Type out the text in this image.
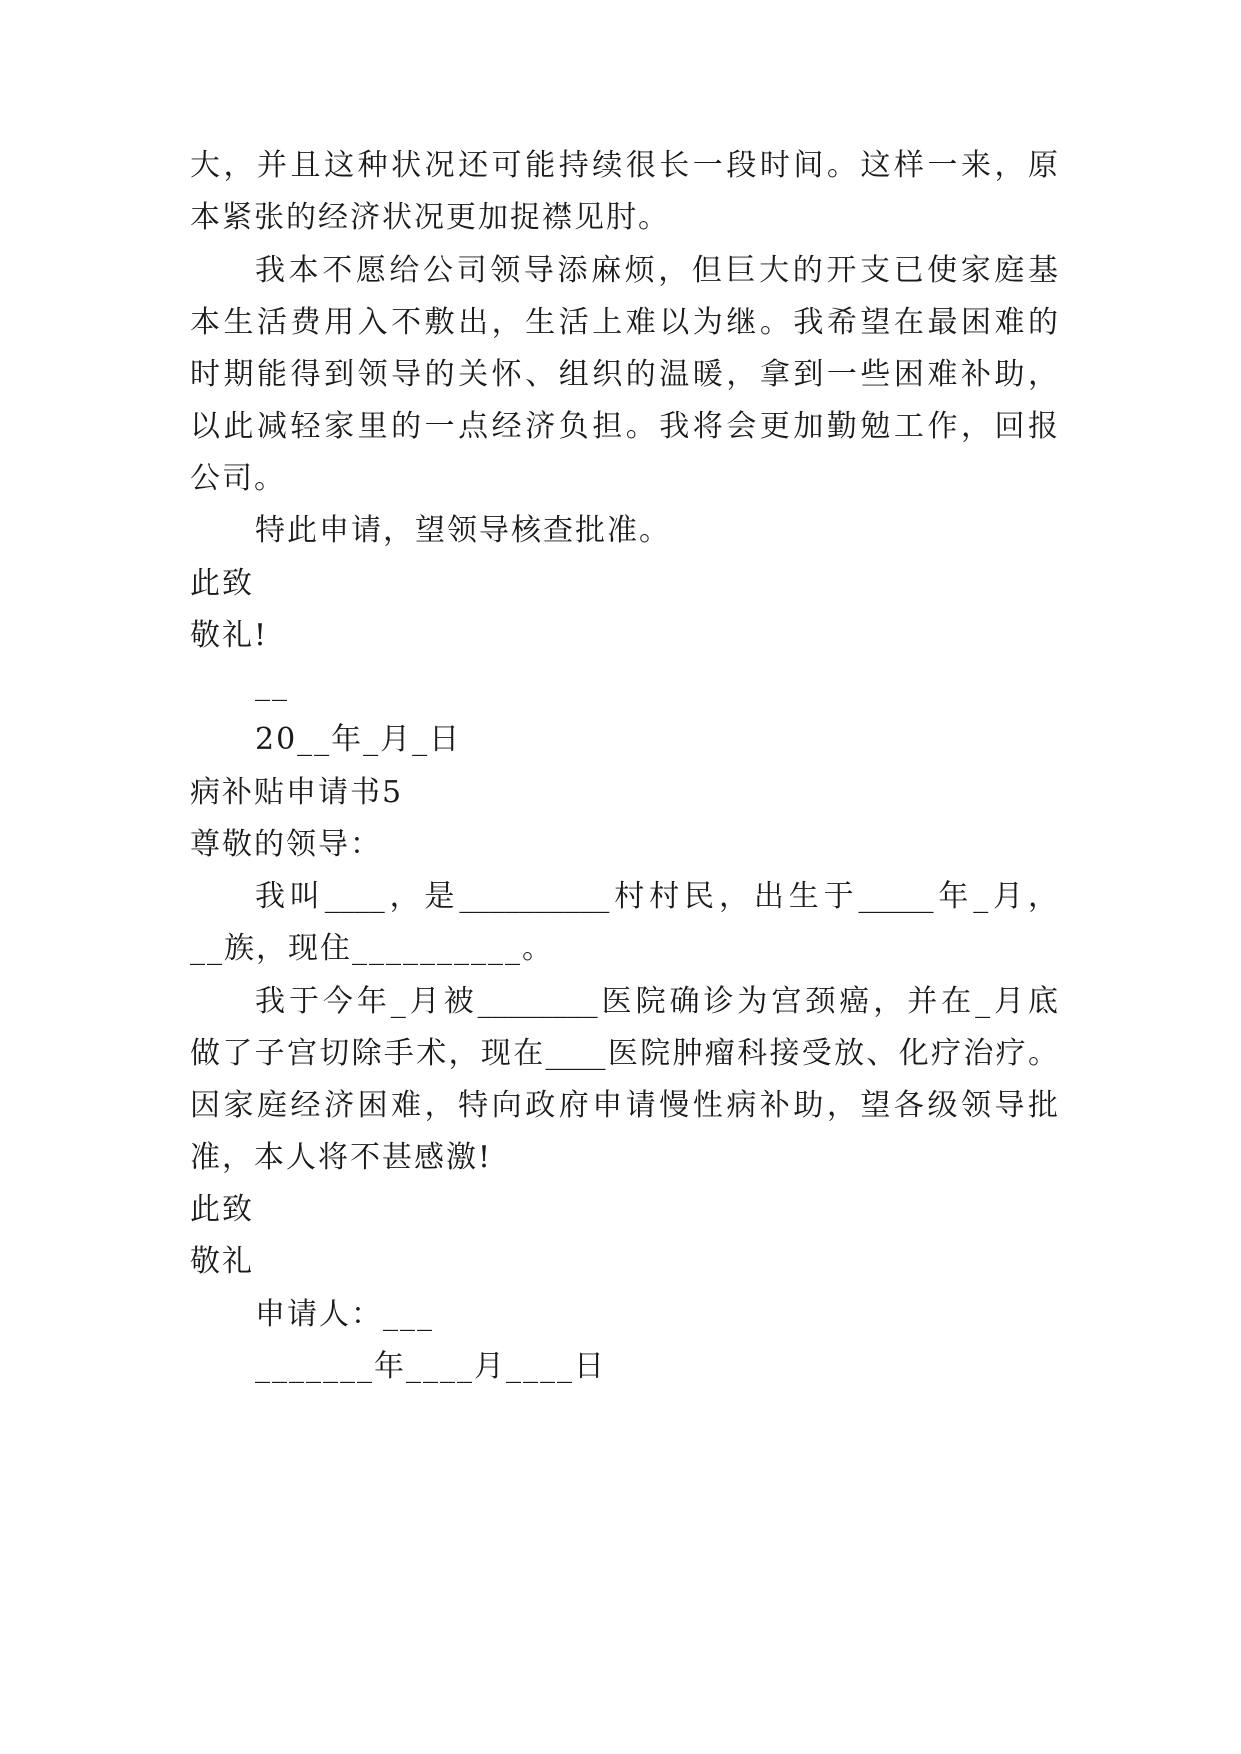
大，并且这种状况还可能持续很长一段时间。这样一来，原
本紧张的经济状况更加捉襟见肘。
我本不愿给公司领导添麻烦，但巨大的开支已使家庭基
本生活费用入不敷出，生活上难以为继。我希望在最困难的
时期能得到领导的关怀、组织的温暖，拿到一些困难补助，
以此减轻家里的一点经济负担。我将会更加勤勉工作，回报
公司。
特此申请，望领导核查批准。
此致
敬礼!
__
20__年_月_日
病补贴申请书5
尊敬的领导：
我叫____，是__________村村民，出生于_____年_月，
__族，现住__________。
我于今年_月被________医院确诊为宫颈癌，并在_月底
做了子宫切除手术，现在____医院肿瘤科接受放、化疗治疗。
因家庭经济困难，特向政府申请慢性病补助，望各级领导批
准，本人将不甚感激!
此致
敬礼
申请人：___
_______年____月____日
